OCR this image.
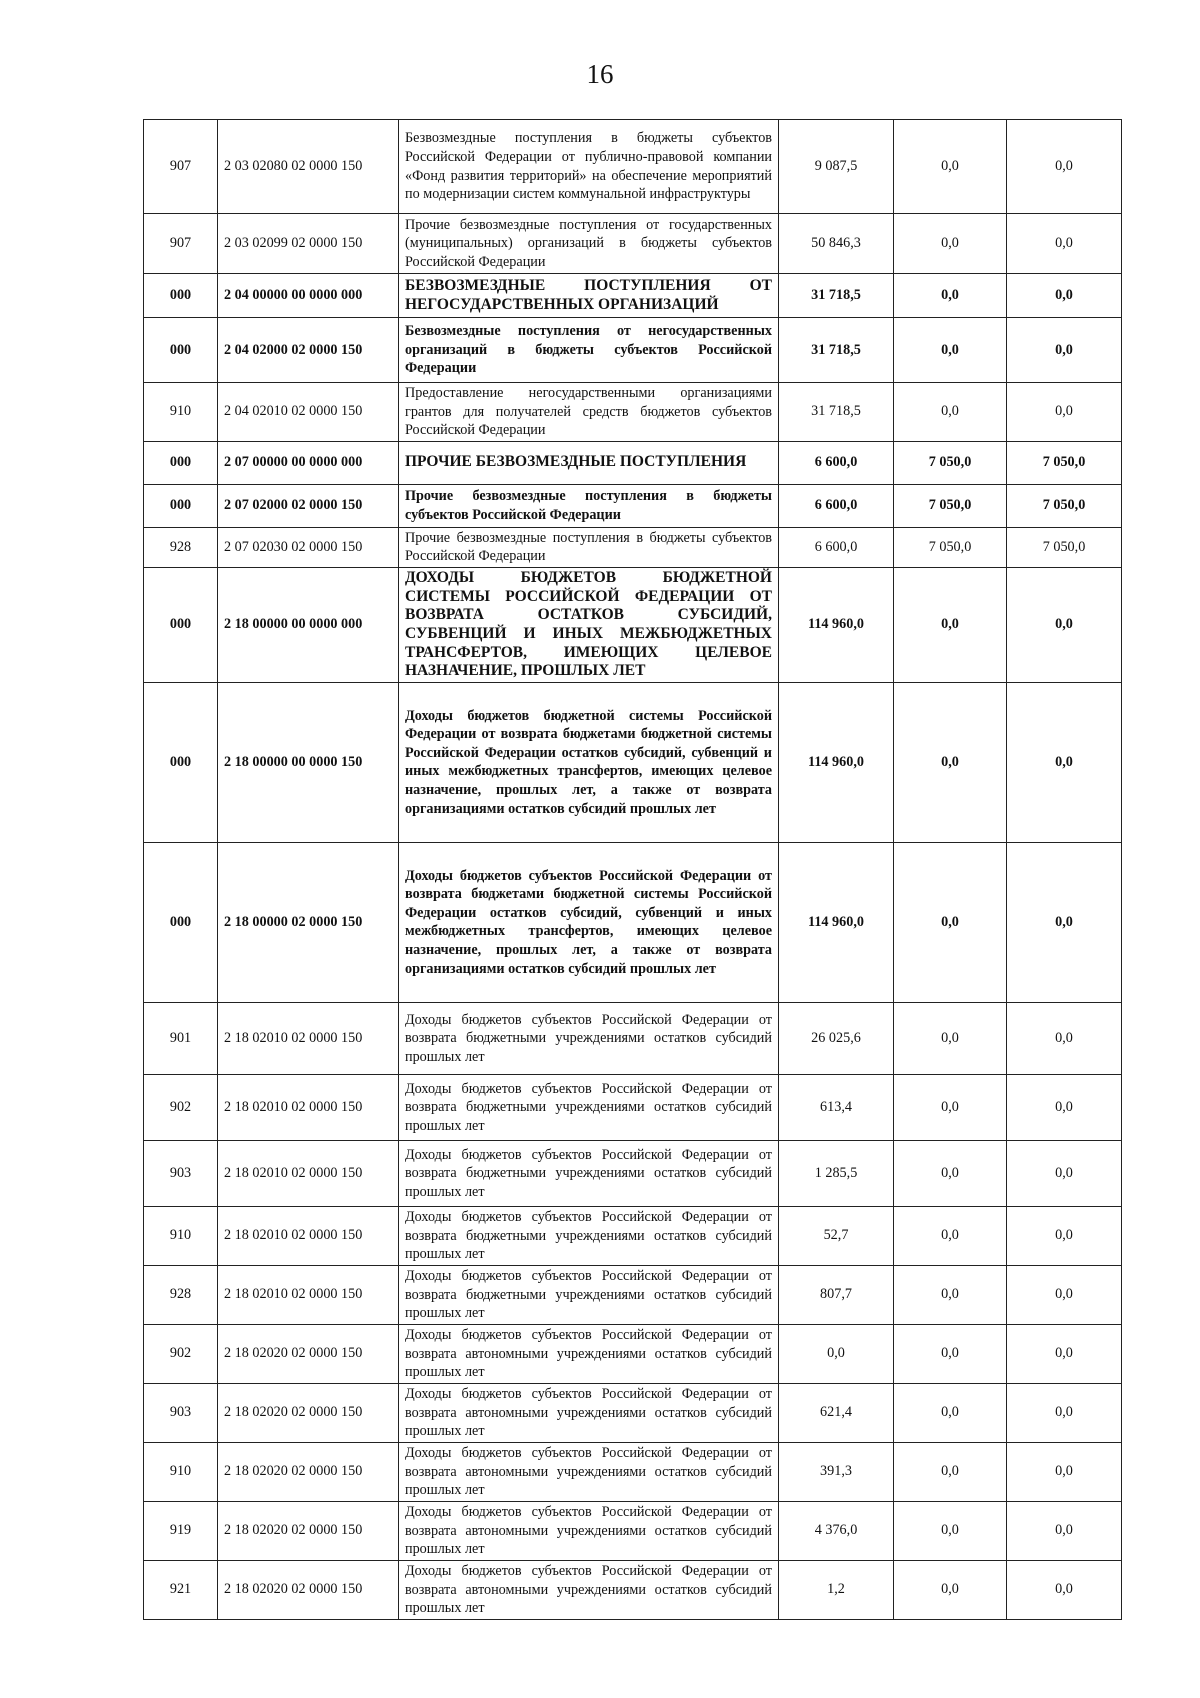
16
907	2 03 02080 02 0000 150	Безвозмездные поступления в бюджеты субъектов Российской Федерации от публично-правовой компании «Фонд развития территорий» на обеспечение мероприятий по модернизации систем коммунальной инфраструктуры	9 087,5	0,0	0,0
907	2 03 02099 02 0000 150	Прочие безвозмездные поступления от государственных (муниципальных) организаций в бюджеты субъектов Российской Федерации	50 846,3	0,0	0,0
000	2 04 00000 00 0000 000	БЕЗВОЗМЕЗДНЫЕ ПОСТУПЛЕНИЯ ОТ НЕГОСУДАРСТВЕННЫХ ОРГАНИЗАЦИЙ	31 718,5	0,0	0,0
000	2 04 02000 02 0000 150	Безвозмездные поступления от негосударственных организаций в бюджеты субъектов Российской Федерации	31 718,5	0,0	0,0
910	2 04 02010 02 0000 150	Предоставление негосударственными организациями грантов для получателей средств бюджетов субъектов Российской Федерации	31 718,5	0,0	0,0
000	2 07 00000 00 0000 000	ПРОЧИЕ БЕЗВОЗМЕЗДНЫЕ ПОСТУПЛЕНИЯ	6 600,0	7 050,0	7 050,0
000	2 07 02000 02 0000 150	Прочие безвозмездные поступления в бюджеты субъектов Российской Федерации	6 600,0	7 050,0	7 050,0
928	2 07 02030 02 0000 150	Прочие безвозмездные поступления в бюджеты субъектов Российской Федерации	6 600,0	7 050,0	7 050,0
000	2 18 00000 00 0000 000	ДОХОДЫ БЮДЖЕТОВ БЮДЖЕТНОЙ СИСТЕМЫ РОССИЙСКОЙ ФЕДЕРАЦИИ ОТ ВОЗВРАТА ОСТАТКОВ СУБСИДИЙ, СУБВЕНЦИЙ И ИНЫХ МЕЖБЮДЖЕТНЫХ ТРАНСФЕРТОВ, ИМЕЮЩИХ ЦЕЛЕВОЕ НАЗНАЧЕНИЕ, ПРОШЛЫХ ЛЕТ	114 960,0	0,0	0,0
000	2 18 00000 00 0000 150	Доходы бюджетов бюджетной системы Российской Федерации от возврата бюджетами бюджетной системы Российской Федерации остатков субсидий, субвенций и иных межбюджетных трансфертов, имеющих целевое назначение, прошлых лет, а также от возврата организациями остатков субсидий прошлых лет	114 960,0	0,0	0,0
000	2 18 00000 02 0000 150	Доходы бюджетов субъектов Российской Федерации от возврата бюджетами бюджетной системы Российской Федерации остатков субсидий, субвенций и иных межбюджетных трансфертов, имеющих целевое назначение, прошлых лет, а также от возврата организациями остатков субсидий прошлых лет	114 960,0	0,0	0,0
901	2 18 02010 02 0000 150	Доходы бюджетов субъектов Российской Федерации от возврата бюджетными учреждениями остатков субсидий прошлых лет	26 025,6	0,0	0,0
902	2 18 02010 02 0000 150	Доходы бюджетов субъектов Российской Федерации от возврата бюджетными учреждениями остатков субсидий прошлых лет	613,4	0,0	0,0
903	2 18 02010 02 0000 150	Доходы бюджетов субъектов Российской Федерации от возврата бюджетными учреждениями остатков субсидий прошлых лет	1 285,5	0,0	0,0
910	2 18 02010 02 0000 150	Доходы бюджетов субъектов Российской Федерации от возврата бюджетными учреждениями остатков субсидий прошлых лет	52,7	0,0	0,0
928	2 18 02010 02 0000 150	Доходы бюджетов субъектов Российской Федерации от возврата бюджетными учреждениями остатков субсидий прошлых лет	807,7	0,0	0,0
902	2 18 02020 02 0000 150	Доходы бюджетов субъектов Российской Федерации от возврата автономными учреждениями остатков субсидий прошлых лет	0,0	0,0	0,0
903	2 18 02020 02 0000 150	Доходы бюджетов субъектов Российской Федерации от возврата автономными учреждениями остатков субсидий прошлых лет	621,4	0,0	0,0
910	2 18 02020 02 0000 150	Доходы бюджетов субъектов Российской Федерации от возврата автономными учреждениями остатков субсидий прошлых лет	391,3	0,0	0,0
919	2 18 02020 02 0000 150	Доходы бюджетов субъектов Российской Федерации от возврата автономными учреждениями остатков субсидий прошлых лет	4 376,0	0,0	0,0
921	2 18 02020 02 0000 150	Доходы бюджетов субъектов Российской Федерации от возврата автономными учреждениями остатков субсидий прошлых лет	1,2	0,0	0,0
